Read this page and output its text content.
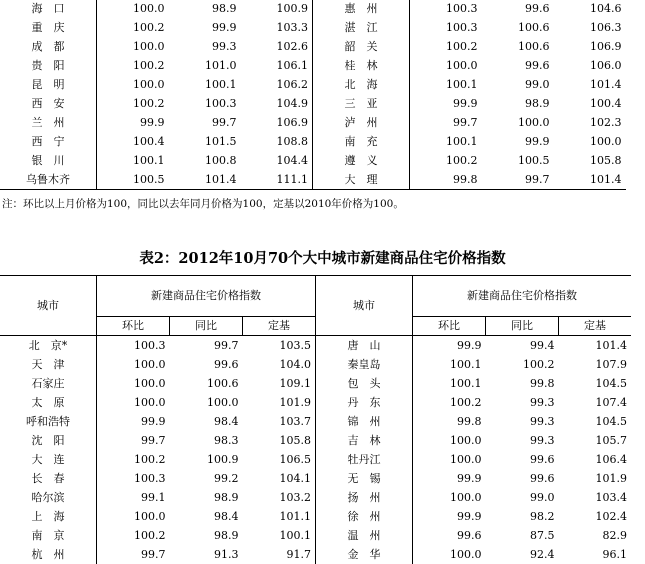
海　口	100.0	98.9	100.9	惠　州	100.3	99.6	104.6
重　庆	100.2	99.9	103.3	湛　江	100.3	100.6	106.3
成　都	100.0	99.3	102.6	韶　关	100.2	100.6	106.9
贵　阳	100.2	101.0	106.1	桂　林	100.0	99.6	106.0
昆　明	100.0	100.1	106.2	北　海	100.1	99.0	101.4
西　安	100.2	100.3	104.9	三　亚	99.9	98.9	100.4
兰　州	99.9	99.7	106.9	泸　州	99.7	100.0	102.3
西　宁	100.4	101.5	108.8	南　充	100.1	99.9	100.0
银　川	100.1	100.8	104.4	遵　义	100.2	100.5	105.8
乌鲁木齐	100.5	101.4	111.1	大　理	99.8	99.7	101.4
注：环比以上月价格为100，同比以去年同月价格为100，定基以2010年价格为100。
表2：2012年10月70个大中城市新建商品住宅价格指数
城市	新建商品住宅价格指数			城市	新建商品住宅价格指数		
	环比	同比	定基		环比	同比	定基
北　京*	100.3	99.7	103.5	唐　山	99.9	99.4	101.4
天　津	100.0	99.6	104.0	秦皇岛	100.1	100.2	107.9
石家庄	100.0	100.6	109.1	包　头	100.1	99.8	104.5
太　原	100.0	100.0	101.9	丹　东	100.2	99.3	107.4
呼和浩特	99.9	98.4	103.7	锦　州	99.8	99.3	104.5
沈　阳	99.7	98.3	105.8	吉　林	100.0	99.3	105.7
大　连	100.2	100.9	106.5	牡丹江	100.0	99.6	106.4
长　春	100.3	99.2	104.1	无　锡	99.9	99.6	101.9
哈尔滨	99.1	98.9	103.2	扬　州	100.0	99.0	103.4
上　海	100.0	98.4	101.1	徐　州	99.9	98.2	102.4
南　京	100.2	98.9	100.1	温　州	99.6	87.5	82.9
杭　州	99.7	91.3	91.7	金　华	100.0	92.4	96.1
